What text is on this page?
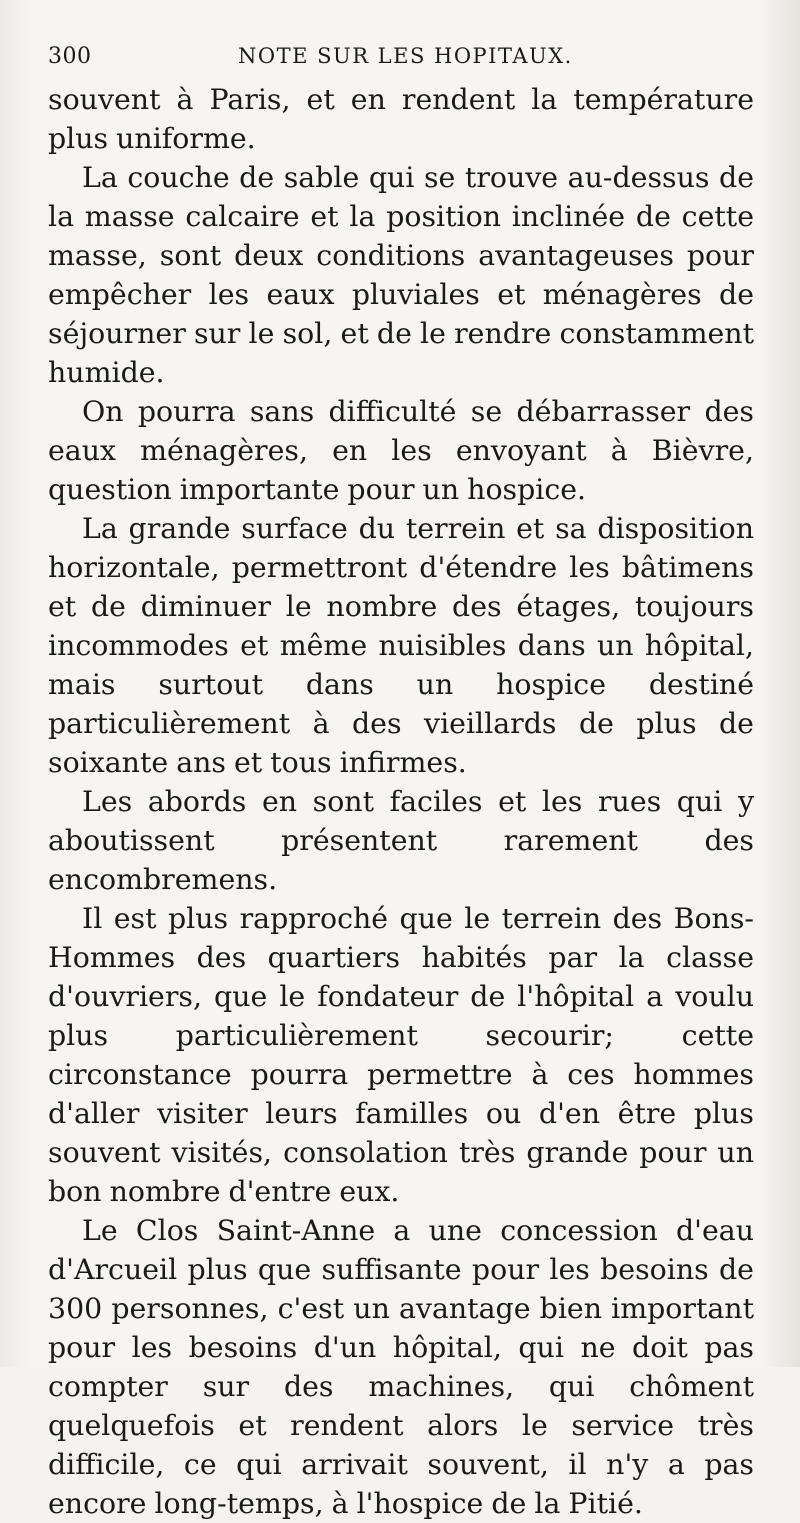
300	NOTE SUR LES HOPITAUX.

souvent à Paris, et en rendent la température plus uniforme.

La couche de sable qui se trouve au-dessus de la masse calcaire et la position inclinée de cette masse, sont deux conditions avantageuses pour empêcher les eaux pluviales et ménagères de séjourner sur le sol, et de le rendre constamment humide.

On pourra sans difficulté se débarrasser des eaux ménagères, en les envoyant à Bièvre, question importante pour un hospice.

La grande surface du terrein et sa disposition horizontale, permettront d'étendre les bâtimens et de diminuer le nombre des étages, toujours incommodes et même nuisibles dans un hôpital, mais surtout dans un hospice destiné particulièrement à des vieillards de plus de soixante ans et tous infirmes.

Les abords en sont faciles et les rues qui y aboutissent présentent rarement des encombremens.

Il est plus rapproché que le terrein des Bons-Hommes des quartiers habités par la classe d'ouvriers, que le fondateur de l'hôpital a voulu plus particulièrement secourir; cette circonstance pourra permettre à ces hommes d'aller visiter leurs familles ou d'en être plus souvent visités, consolation très grande pour un bon nombre d'entre eux.

Le Clos Saint-Anne a une concession d'eau d'Arcueil plus que suffisante pour les besoins de 300 personnes, c'est un avantage bien important pour les besoins d'un hôpital, qui ne doit pas compter sur des machines, qui chôment quelquefois et rendent alors le service très difficile, ce qui arrivait souvent, il n'y a pas encore long-temps, à l'hospice de la Pitié.
